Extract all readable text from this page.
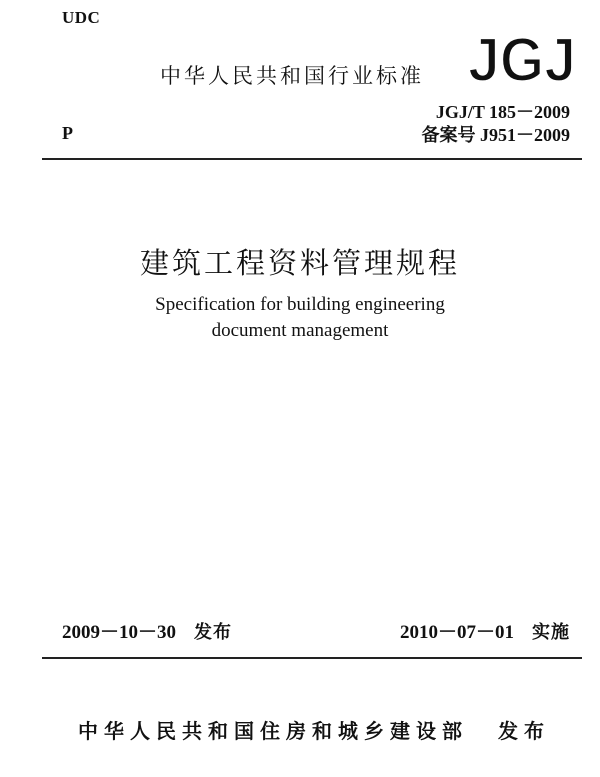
UDC
中华人民共和国行业标准 JGJ
P
JGJ/T 185－2009
备案号 J951－2009
建筑工程资料管理规程
Specification for building engineering
document management
2009－10－30 发布	2010－07－01 实施
中华人民共和国住房和城乡建设部 发布
